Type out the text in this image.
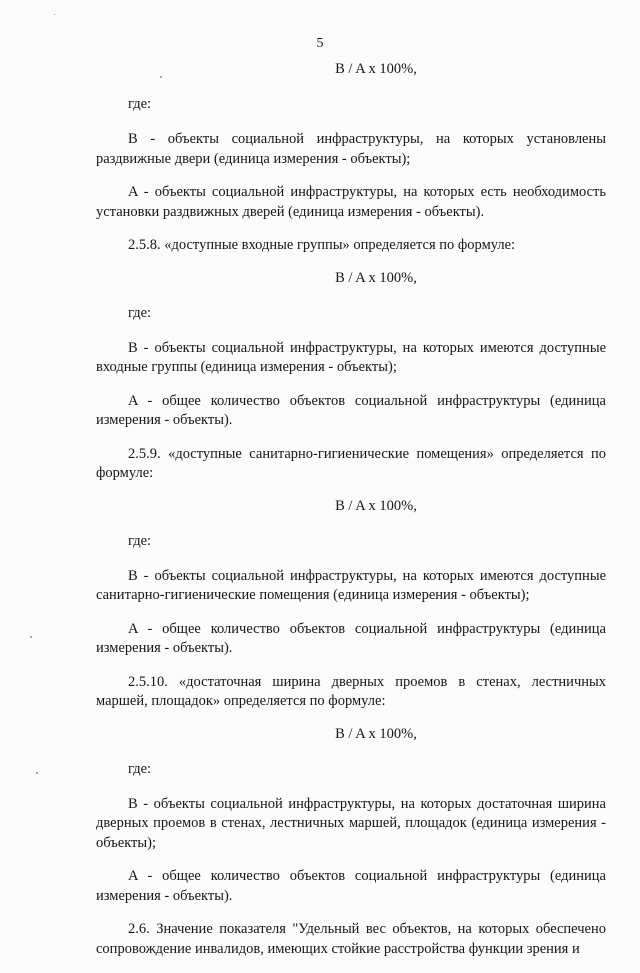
5
B / A x 100%,
где:
B - объекты социальной инфраструктуры, на которых установлены раздвижные двери (единица измерения - объекты);
A - объекты социальной инфраструктуры, на которых есть необходимость установки раздвижных дверей (единица измерения - объекты).
2.5.8. «доступные входные группы» определяется по формуле:
B / A x 100%,
где:
B - объекты социальной инфраструктуры, на которых имеются доступные входные группы (единица измерения - объекты);
A - общее количество объектов социальной инфраструктуры (единица измерения - объекты).
2.5.9. «доступные санитарно-гигиенические помещения» определяется по формуле:
B / A x 100%,
где:
B - объекты социальной инфраструктуры, на которых имеются доступные санитарно-гигиенические помещения (единица измерения - объекты);
A - общее количество объектов социальной инфраструктуры (единица измерения - объекты).
2.5.10. «достаточная ширина дверных проемов в стенах, лестничных маршей, площадок» определяется по формуле:
B / A x 100%,
где:
B - объекты социальной инфраструктуры, на которых достаточная ширина дверных проемов в стенах, лестничных маршей, площадок (единица измерения - объекты);
A - общее количество объектов социальной инфраструктуры (единица измерения - объекты).
2.6. Значение показателя "Удельный вес объектов, на которых обеспечено сопровождение инвалидов, имеющих стойкие расстройства функции зрения и
